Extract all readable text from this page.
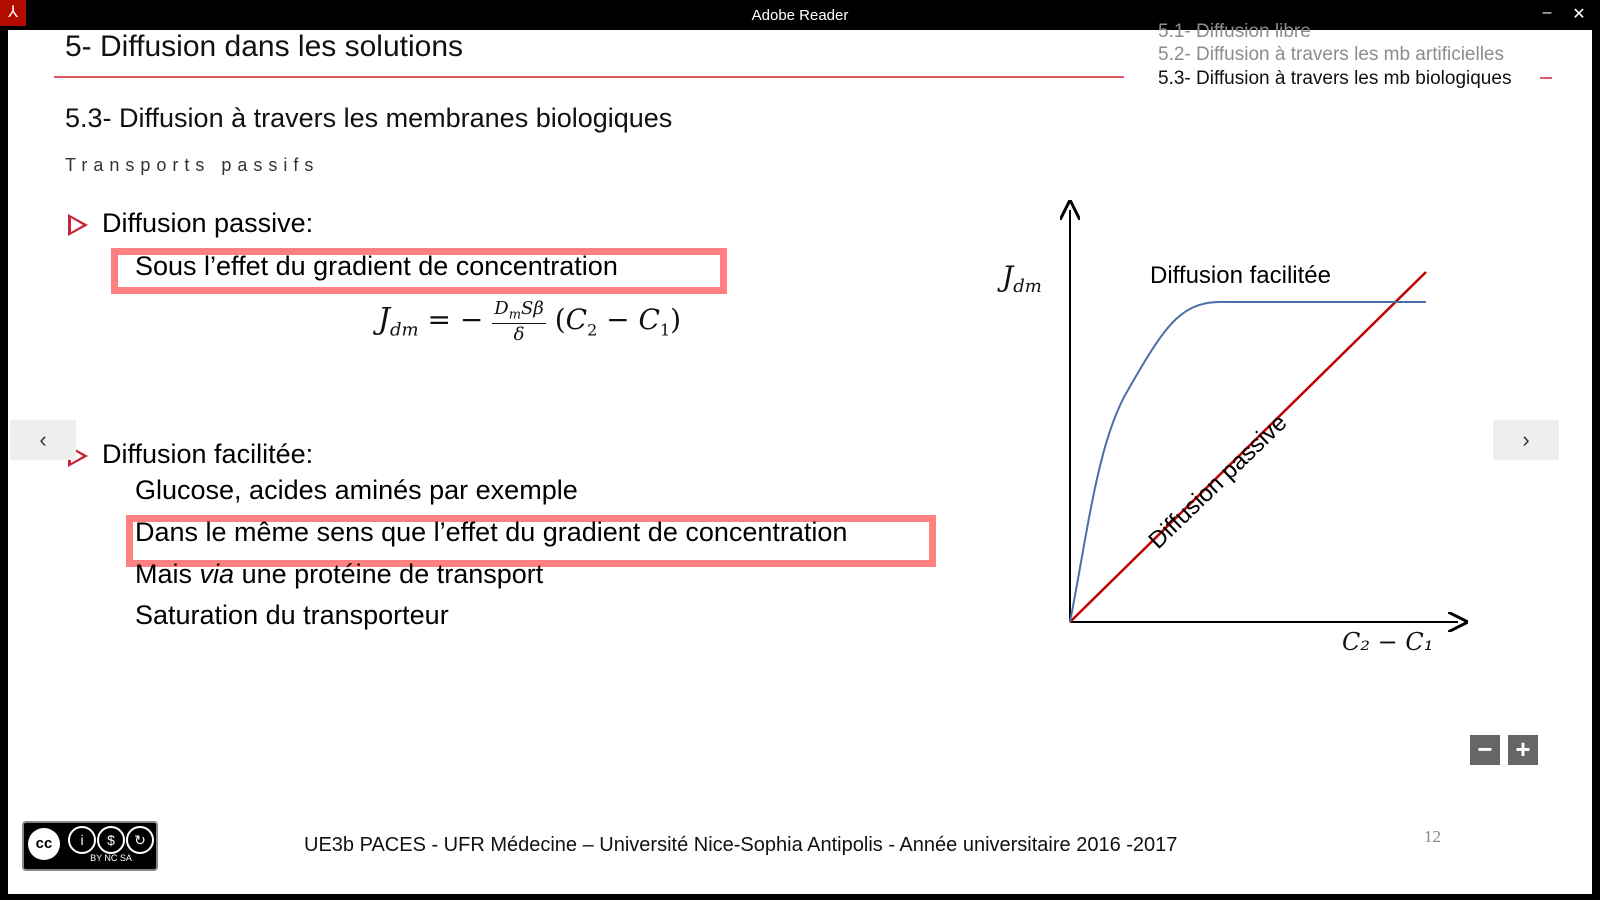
⅄	Adobe Reader	–	✕
5- Diffusion dans les solutions	5.1- Diffusion libre
5.2- Diffusion à travers les mb artificielles
5.3- Diffusion à travers les mb biologiques
5.3- Diffusion à travers les membranes biologiques
Transports passifs
Diffusion passive:
Sous l’effet du gradient de concentration
$J_{dm}$ = − $D_mS\beta$
δ	$(C_2 - C_1)$
Diffusion facilitée:
Glucose, acides aminés par exemple
Dans le même sens que l’effet du gradient de concentration
Mais via une protéine de transport
Saturation du transporteur
$J_{dm}$	Diffusion facilitée
Diffusion passive
C₂ − C₁
‹	›
− +
cc	i	$	↻
BY NC SA
UE3b PACES - UFR Médecine – Université Nice-Sophia Antipolis - Année universitaire 2016 -2017	12
